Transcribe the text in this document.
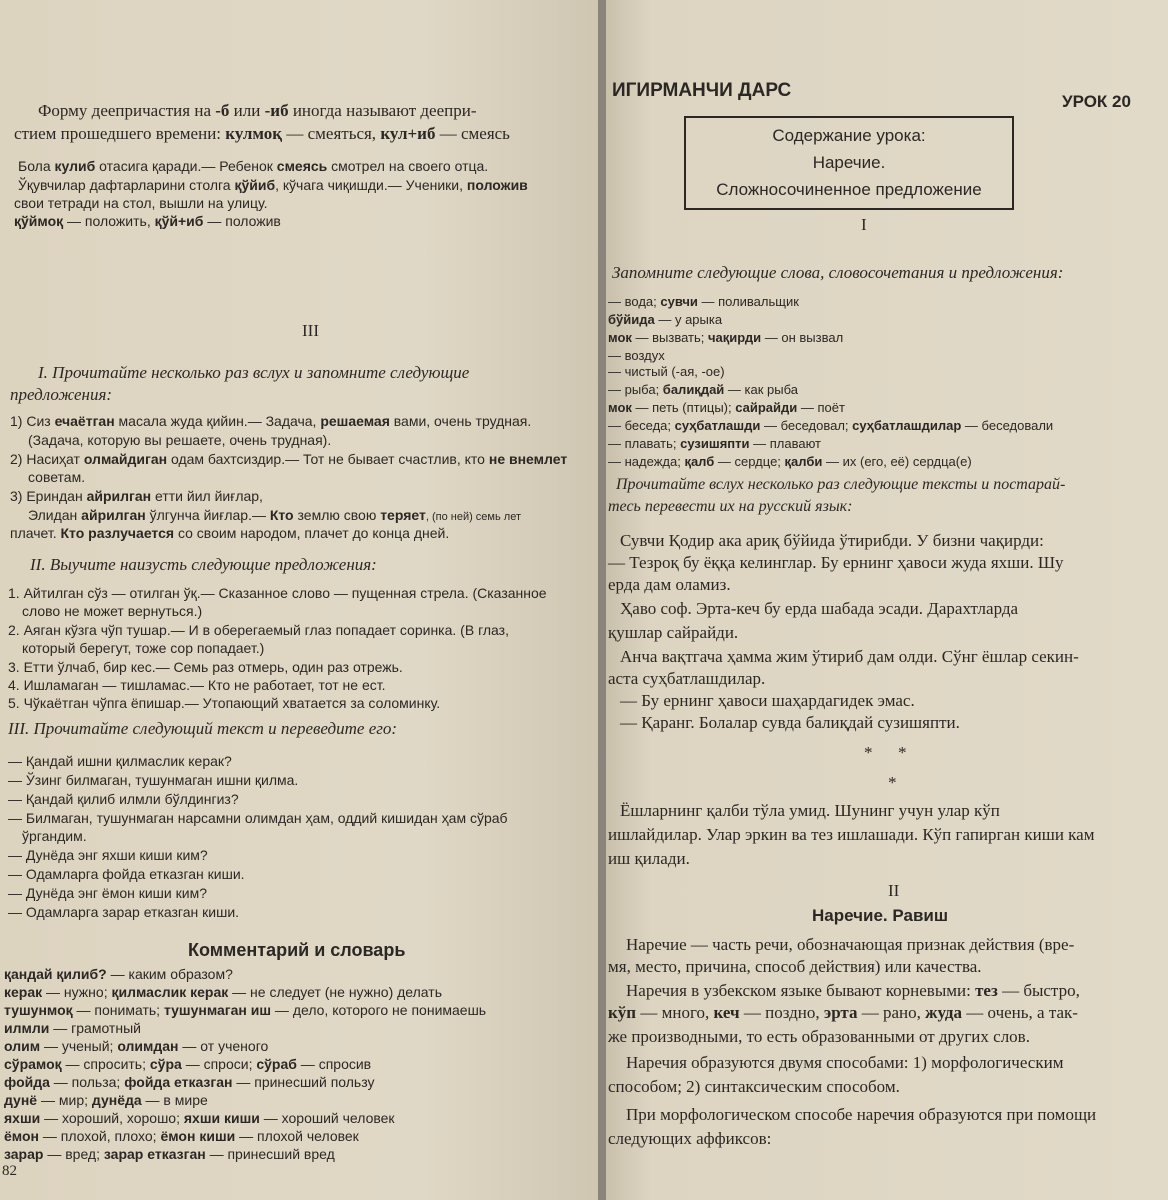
Форму деепричастия на -б или -иб иногда называют деепри-
стием прошедшего времени: кулмоқ — смеяться, кул+иб — смеясь
Бола кулиб отасига қаради.— Ребенок смеясь смотрел на своего отца.
Ўқувчилар дафтарларини столга қўйиб, кўчага чиқишди.— Ученики, положив
свои тетради на стол, вышли на улицу.
қўймоқ — положить, қўй+иб — положив
III
I. Прочитайте несколько раз вслух и запомните следующие
предложения:
1) Сиз ечаётган масала жуда қийин.— Задача, решаемая вами, очень трудная.
(Задача, которую вы решаете, очень трудная).
2) Насиҳат олмайдиган одам бахтсиздир.— Тот не бывает счастлив, кто не внемлет
советам.
3) Ериндан айрилган етти йил йиғлар,
Элидан айрилган ўлгунча йиғлар.— Кто землю свою теряет, (по ней) семь лет
плачет. Кто разлучается со своим народом, плачет до конца дней.
II. Выучите наизусть следующие предложения:
1. Айтилган сўз — отилган ўқ.— Сказанное слово — пущенная стрела. (Сказанное
слово не может вернуться.)
2. Аяган кўзга чўп тушар.— И в оберегаемый глаз попадает соринка. (В глаз,
который берегут, тоже сор попадает.)
3. Етти ўлчаб, бир кес.— Семь раз отмерь, один раз отрежь.
4. Ишламаган — тишламас.— Кто не работает, тот не ест.
5. Чўкаётган чўпга ёпишар.— Утопающий хватается за соломинку.
III. Прочитайте следующий текст и переведите его:
— Қандай ишни қилмаслик керак?
— Ўзинг билмаган, тушунмаган ишни қилма.
— Қандай қилиб илмли бўлдингиз?
— Билмаган, тушунмаган нарсамни олимдан ҳам, оддий кишидан ҳам сўраб
ўргандим.
— Дунёда энг яхши киши ким?
— Одамларга фойда етказган киши.
— Дунёда энг ёмон киши ким?
— Одамларга зарар етказган киши.
Комментарий и словарь
қандай қилиб? — каким образом?
керак — нужно; қилмаслик керак — не следует (не нужно) делать
тушунмоқ — понимать; тушунмаган иш — дело, которого не понимаешь
илмли — грамотный
олим — ученый; олимдан — от ученого
сўрамоқ — спросить; сўра — спроси; сўраб — спросив
фойда — польза; фойда етказган — принесший пользу
дунё — мир; дунёда — в мире
яхши — хороший, хорошо; яхши киши — хороший человек
ёмон — плохой, плохо; ёмон киши — плохой человек
зарар — вред; зарар етказган — принесший вред
82
ИГИРМАНЧИ ДАРС
УРОК 20
Содержание урока:
Наречие.
Сложносочиненное предложение
I
Запомните следующие слова, словосочетания и предложения:
— вода; сувчи — поливальщик
бўйида — у арыка
мок — вызвать; чақирди — он вызвал
— воздух
— чистый (-ая, -ое)
— рыба; балиқдай — как рыба
мок — петь (птицы); сайрайди — поёт
— беседа; суҳбатлашди — беседовал; суҳбатлашдилар — беседовали
— плавать; сузишяпти — плавают
— надежда; қалб — сердце; қалби — их (его, её) сердца(е)
Прочитайте вслух несколько раз следующие тексты и постарай-
тесь перевести их на русский язык:
Сувчи Қодир ака ариқ бўйида ўтирибди. У бизни чақирди:
— Тезроқ бу ёққа келинглар. Бу ернинг ҳавоси жуда яхши. Шу
ерда дам оламиз.
Ҳаво соф. Эрта-кеч бу ерда шабада эсади. Дарахтларда
қушлар сайрайди.
Анча вақтгача ҳамма жим ўтириб дам олди. Сўнг ёшлар секин-
аста суҳбатлашдилар.
— Бу ернинг ҳавоси шаҳардагидек эмас.
— Қаранг. Болалар сувда балиқдай сузишяпти.
*      *
*
Ёшларнинг қалби тўла умид. Шунинг учун улар кўп
ишлайдилар. Улар эркин ва тез ишлашади. Кўп гапирган киши кам
иш қилади.
II
Наречие. Равиш
Наречие — часть речи, обозначающая признак действия (вре-
мя, место, причина, способ действия) или качества.
Наречия в узбекском языке бывают корневыми: тез — быстро,
кўп — много, кеч — поздно, эрта — рано, жуда — очень, а так-
же производными, то есть образованными от других слов.
Наречия образуются двумя способами: 1) морфологическим
способом; 2) синтаксическим способом.
При морфологическом способе наречия образуются при помощи
следующих аффиксов:
